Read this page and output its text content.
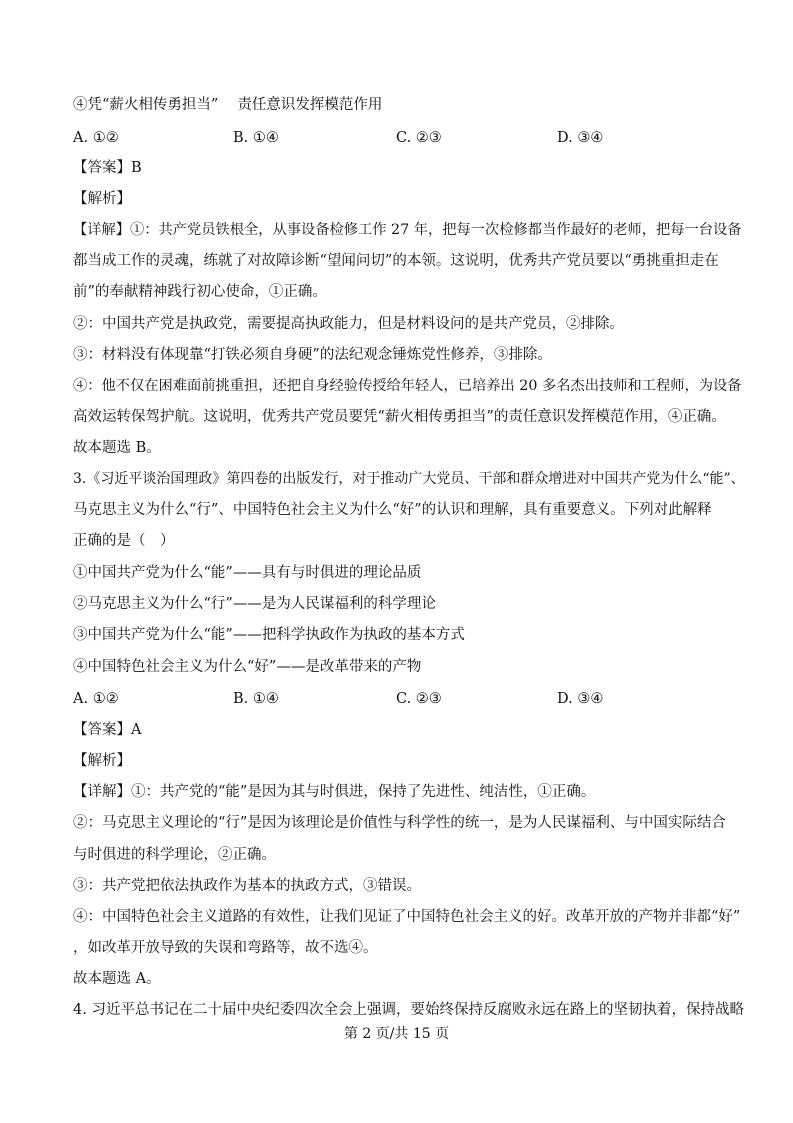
④凭“薪火相传勇担当”　 责任意识发挥模范作用
A. ①②	B. ①④	C. ②③	D. ③④
【答案】B
【解析】
【详解】①：共产党员铁根全，从事设备检修工作 27 年，把每一次检修都当作最好的老师，把每一台设备
都当成工作的灵魂，练就了对故障诊断“望闻问切”的本领。这说明，优秀共产党员要以“勇挑重担走在
前”的奉献精神践行初心使命，①正确。
②：中国共产党是执政党，需要提高执政能力，但是材料设问的是共产党员，②排除。
③：材料没有体现靠“打铁必须自身硬”的法纪观念锤炼党性修养，③排除。
④：他不仅在困难面前挑重担，还把自身经验传授给年轻人，已培养出 20 多名杰出技师和工程师，为设备
高效运转保驾护航。这说明，优秀共产党员要凭“薪火相传勇担当”的责任意识发挥模范作用，④正确。
故本题选 B。
3.《习近平谈治国理政》第四卷的出版发行，对于推动广大党员、干部和群众增进对中国共产党为什么“能”、
马克思主义为什么“行”、中国特色社会主义为什么“好”的认识和理解，具有重要意义。下列对此解释
正确的是（　）
①中国共产党为什么“能”——具有与时俱进的理论品质
②马克思主义为什么“行”——是为人民谋福利的科学理论
③中国共产党为什么“能”——把科学执政作为执政的基本方式
④中国特色社会主义为什么“好”——是改革带来的产物
A. ①②	B. ①④	C. ②③	D. ③④
【答案】A
【解析】
【详解】①：共产党的“能”是因为其与时俱进，保持了先进性、纯洁性，①正确。
②：马克思主义理论的“行”是因为该理论是价值性与科学性的统一，是为人民谋福利、与中国实际结合
与时俱进的科学理论，②正确。
③：共产党把依法执政作为基本的执政方式，③错误。
④：中国特色社会主义道路的有效性，让我们见证了中国特色社会主义的好。改革开放的产物并非都“好”
，如改革开放导致的失误和弯路等，故不选④。
故本题选 A。
4. 习近平总书记在二十届中央纪委四次全会上强调，要始终保持反腐败永远在路上的坚韧执着，保持战略
第 2 页/共 15 页
